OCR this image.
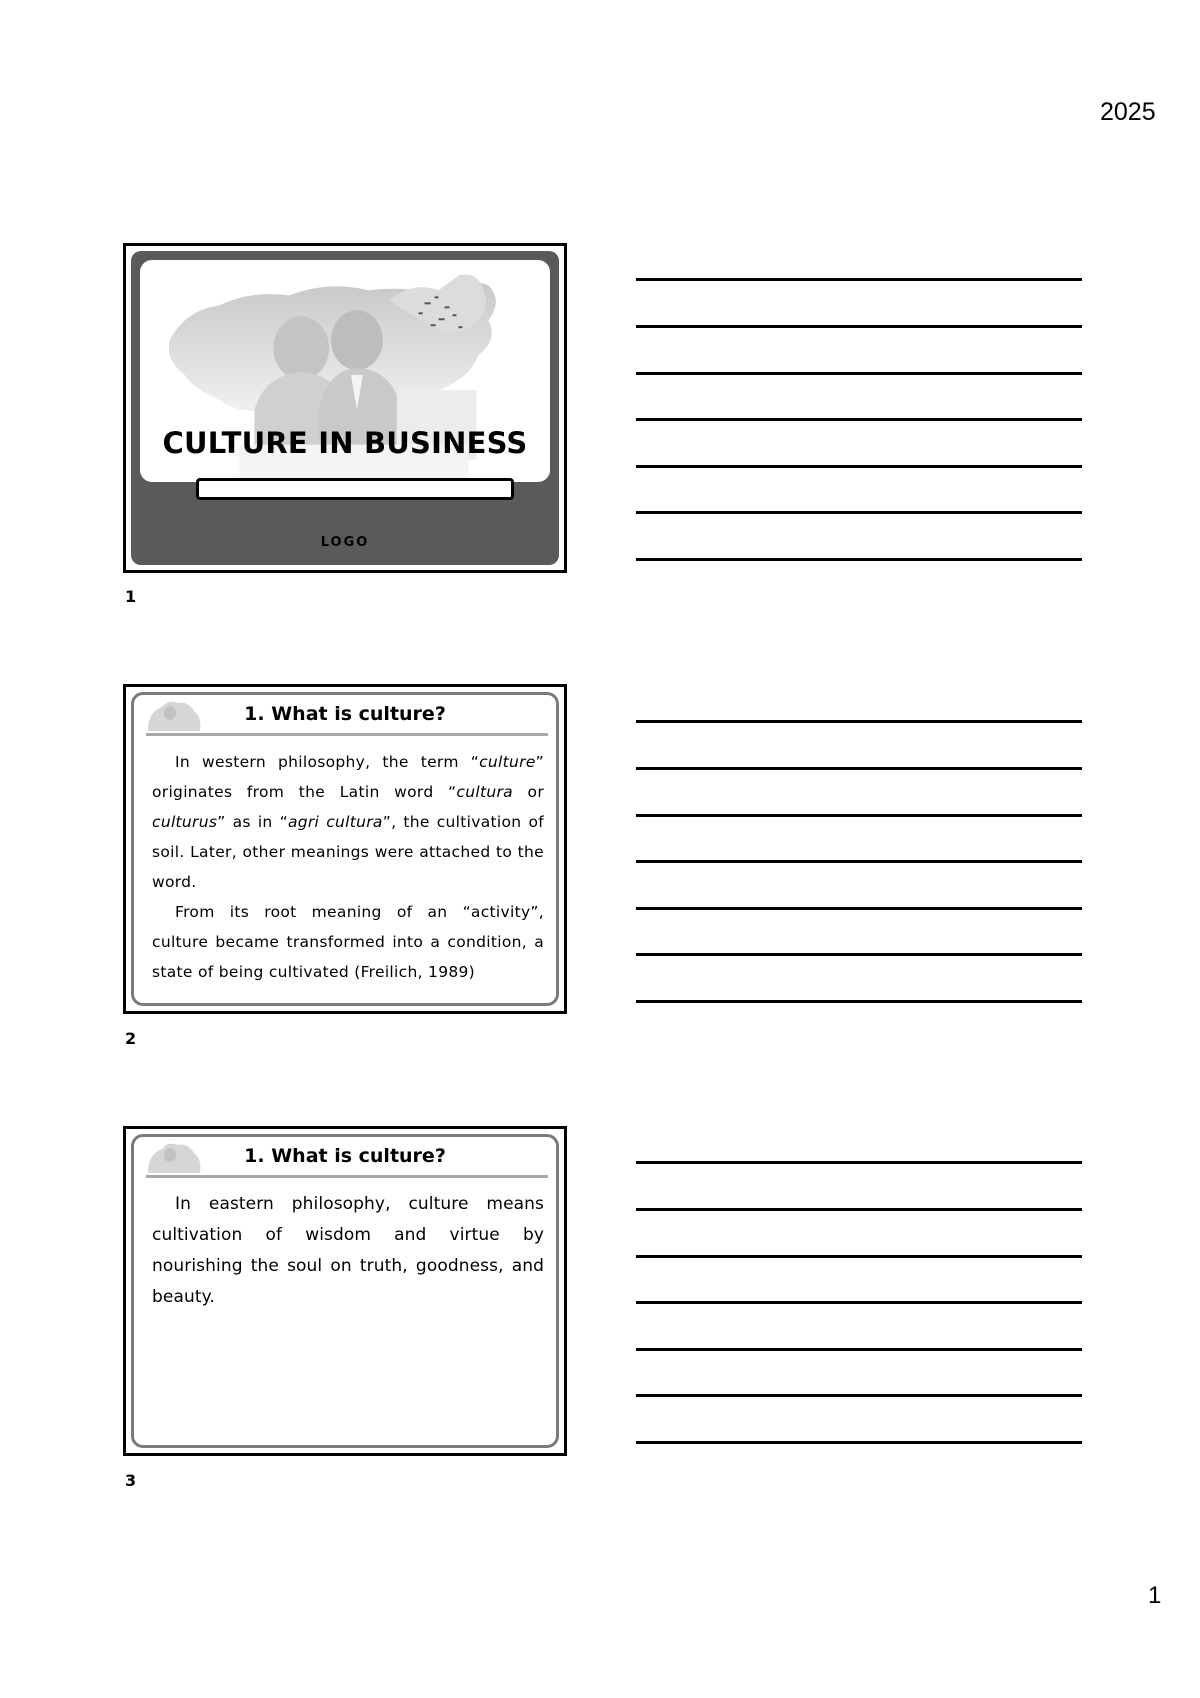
2025
CULTURE IN BUSINESS
LOGO
1
1. What is culture?

In western philosophy, the term “culture” originates from the Latin word “cultura or culturus” as in “agri cultura”, the cultivation of soil. Later, other meanings were attached to the word.

From its root meaning of an “activity”, culture became transformed into a condition, a state of being cultivated (Freilich, 1989)

2
1. What is culture?

In eastern philosophy, culture means cultivation of wisdom and virtue by nourishing the soul on truth, goodness, and beauty.

3
1
